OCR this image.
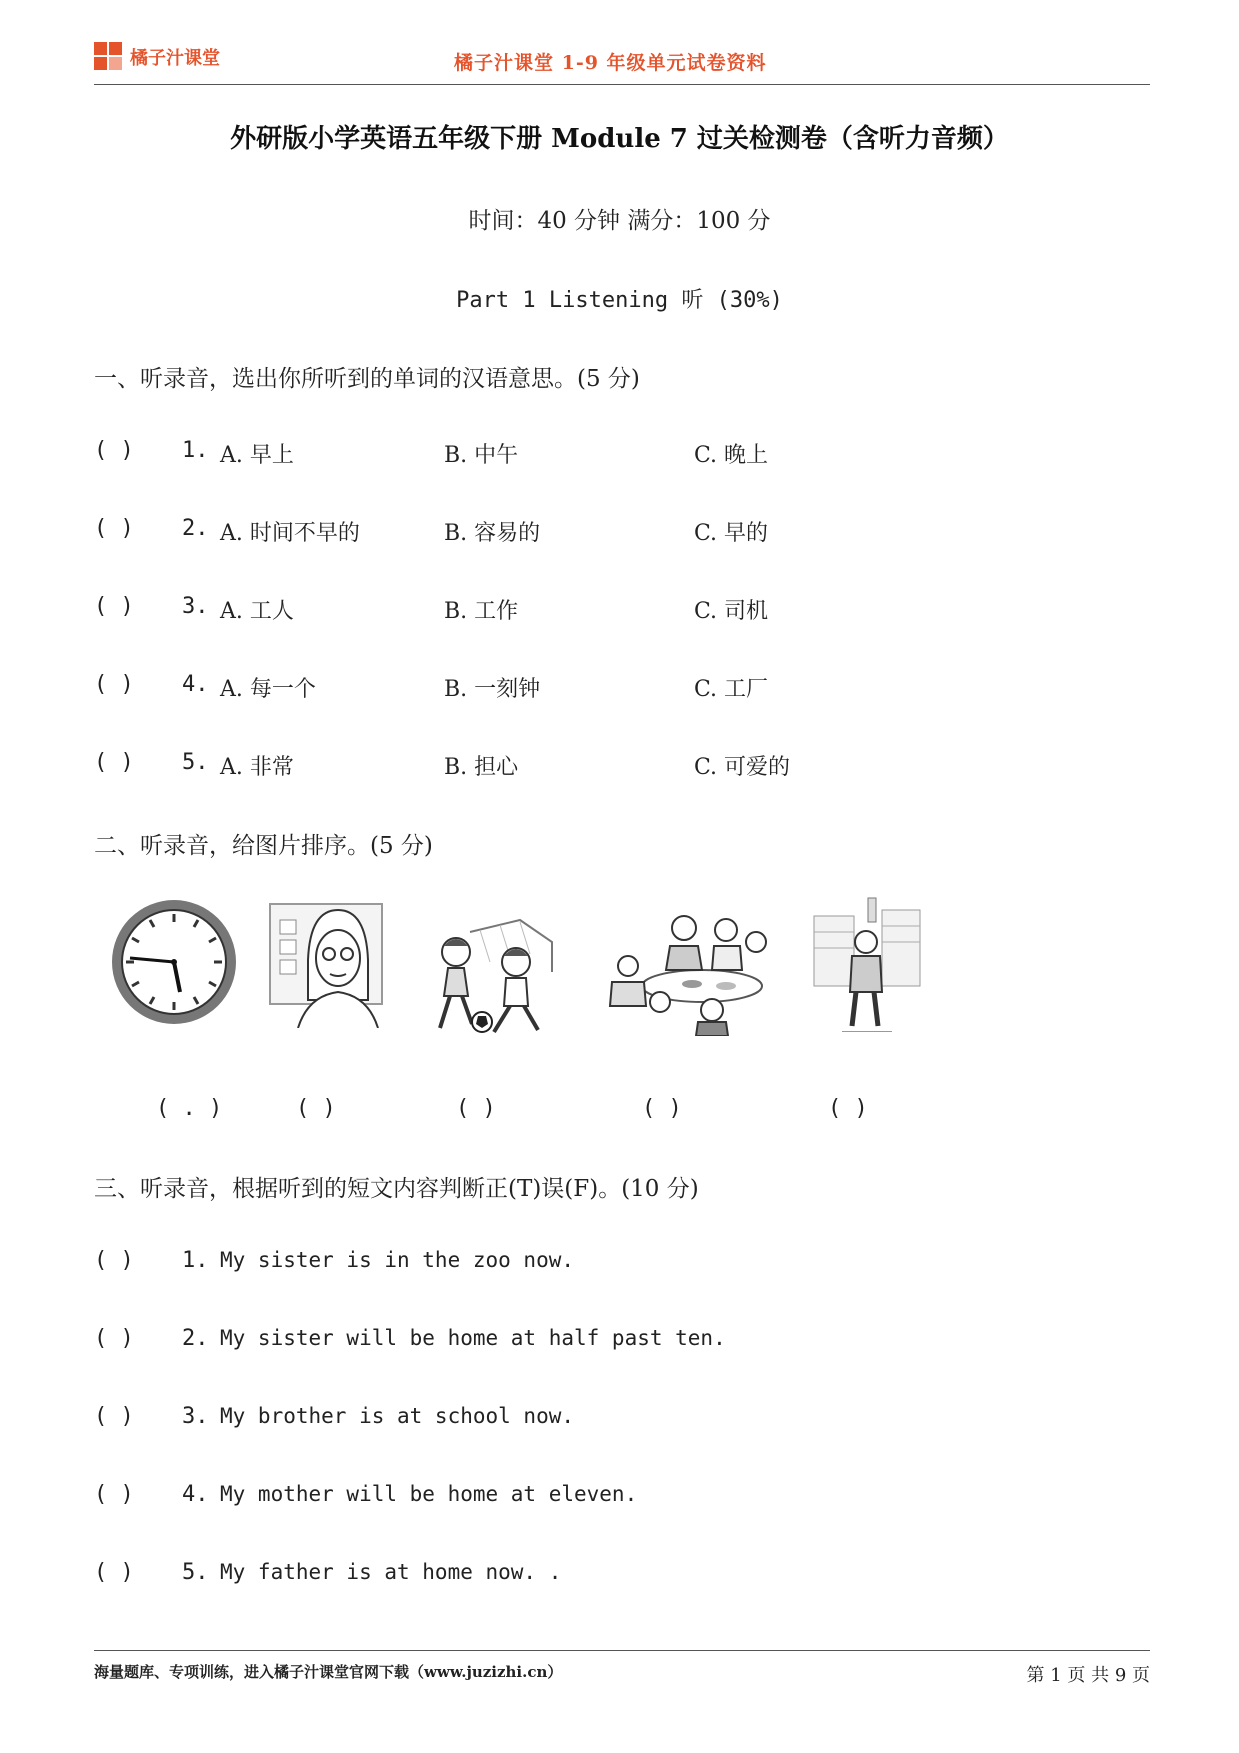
橘子汁课堂	橘子汁课堂 1-9 年级单元试卷资料
外研版小学英语五年级下册 Module 7 过关检测卷（含听力音频）
时间：40 分钟 满分：100 分
Part 1 Listening 听 (30%)
一、听录音，选出你所听到的单词的汉语意思。(5 分)
( ) 1. A. 早上	B. 中午	C. 晚上
( ) 2. A. 时间不早的	B. 容易的	C. 早的
( ) 3. A. 工人	B. 工作	C. 司机
( ) 4. A. 每一个	B. 一刻钟	C. 工厂
( ) 5. A. 非常	B. 担心	C. 可爱的
二、听录音，给图片排序。(5 分)
( . )	( )	( )	( )	( )
三、听录音，根据听到的短文内容判断正(T)误(F)。(10 分)
( ) 1. My sister is in the zoo now.
( ) 2. My sister will be home at half past ten.
( ) 3. My brother is at school now.
( ) 4. My mother will be home at eleven.
( ) 5. My father is at home now. .
海量题库、专项训练，进入橘子汁课堂官网下载（www.juzizhi.cn）	第 1 页 共 9 页
